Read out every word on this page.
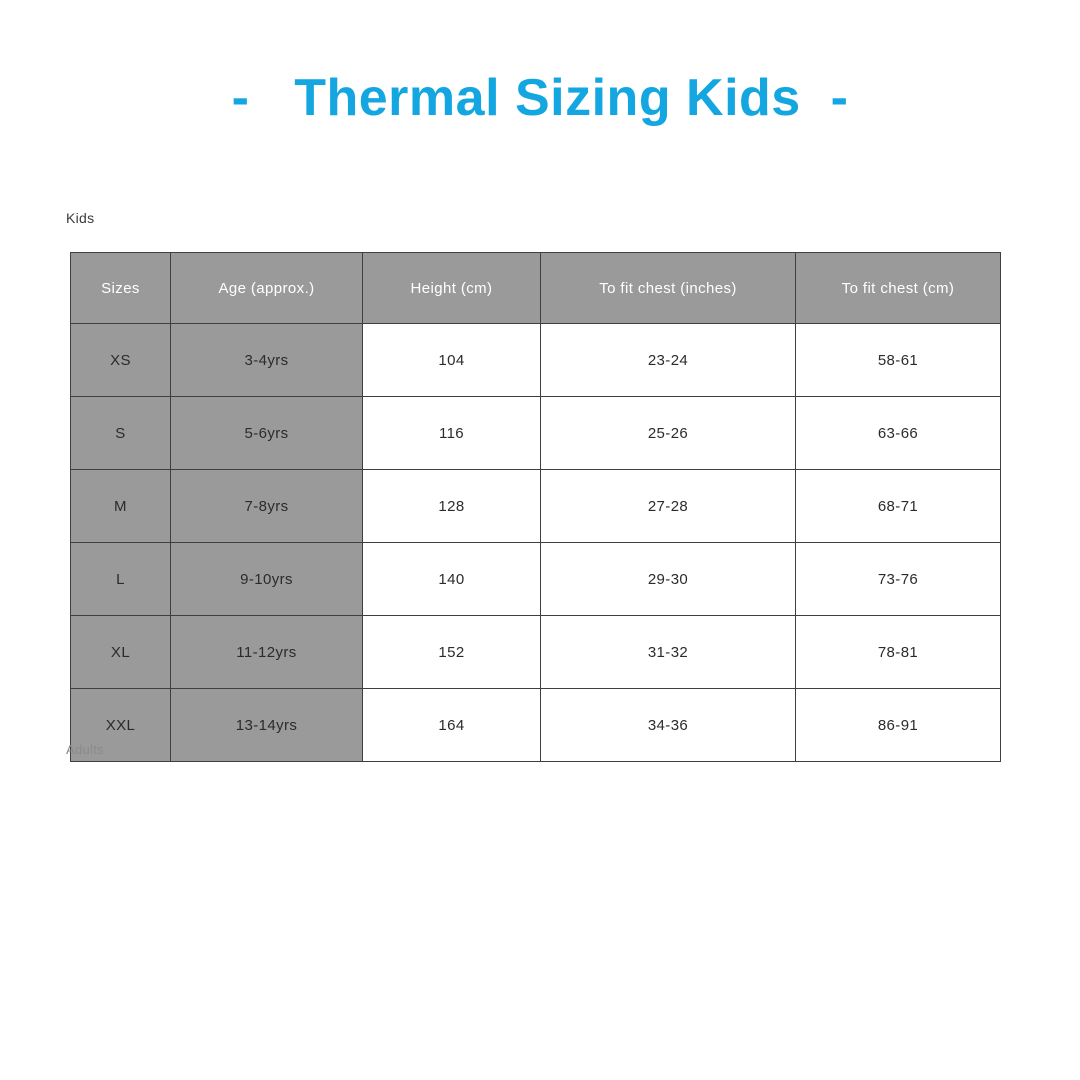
-   Thermal Sizing Kids  -
Kids
Sizes	Age (approx.)	Height (cm)	To fit chest (inches)	To fit chest (cm)
XS	3-4yrs	104	23-24	58-61
S	5-6yrs	116	25-26	63-66
M	7-8yrs	128	27-28	68-71
L	9-10yrs	140	29-30	73-76
XL	11-12yrs	152	31-32	78-81
XXL	13-14yrs	164	34-36	86-91
Adults
